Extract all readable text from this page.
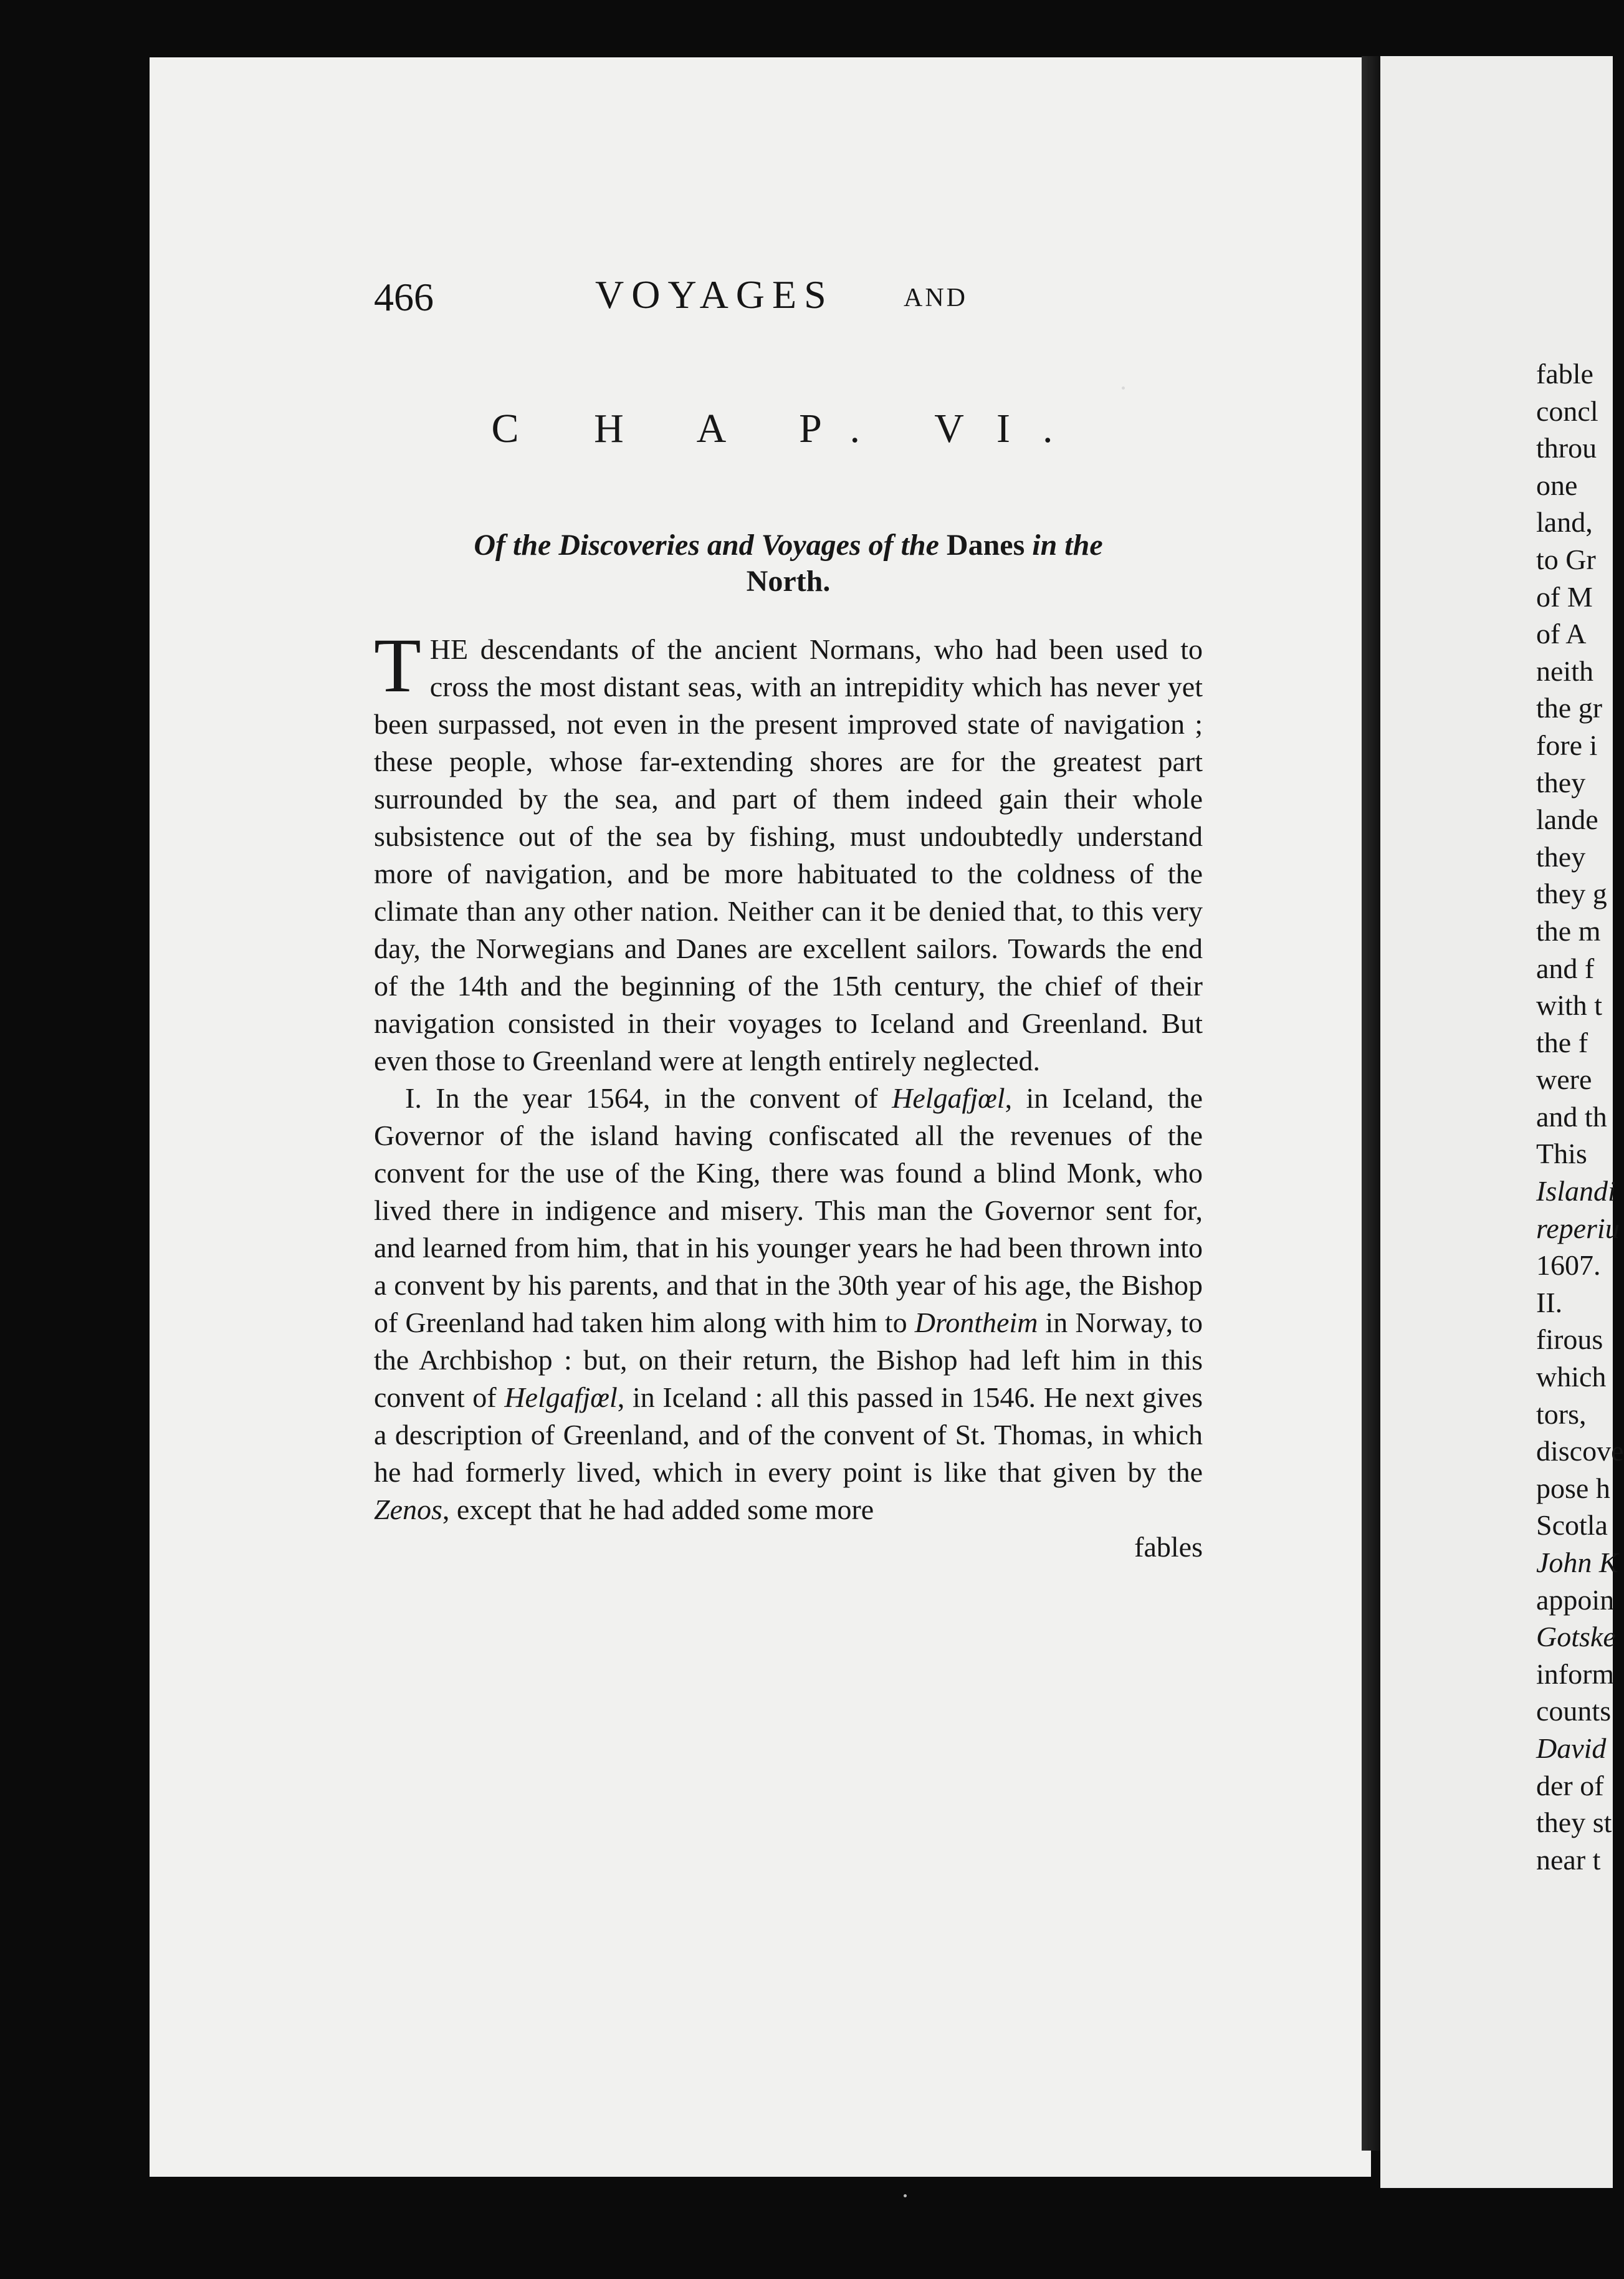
fable
concl
throu
one
land,
to Gr
of M
of A
neith
the gr
fore i
they
lande
they
they g
the m
and f
with t
the f
were
and th
This
Islandi
reperiu
1607.
II.
firous
which
tors,
discove
pose h
Scotla
John K
appoin
Gotske
inform
counts
David
der of
they st
near t
466	VOYAGES	AND
C H A P. VI.
Of the Discoveries and Voyages of the Danes in the
North.

THE descendants of the ancient Normans, who had been used to cross the most distant seas, with an intrepidity which has never yet been surpassed, not even in the present improved state of navigation ; these people, whose far-extending shores are for the greatest part surrounded by the sea, and part of them indeed gain their whole subsistence out of the sea by fishing, must undoubtedly understand more of navigation, and be more habituated to the coldness of the climate than any other nation. Neither can it be denied that, to this very day, the Norwegians and Danes are excellent sailors. Towards the end of the 14th and the beginning of the 15th century, the chief of their navigation consisted in their voyages to Iceland and Greenland. But even those to Greenland were at length entirely neglected.

I. In the year 1564, in the convent of Helgafjœl, in Iceland, the Governor of the island having confiscated all the revenues of the convent for the use of the King, there was found a blind Monk, who lived there in indigence and misery. This man the Governor sent for, and learned from him, that in his younger years he had been thrown into a convent by his parents, and that in the 30th year of his age, the Bishop of Greenland had taken him along with him to Drontheim in Norway, to the Archbishop : but, on their return, the Bishop had left him in this convent of Helgafjœl, in Iceland : all this passed in 1546. He next gives a description of Greenland, and of the convent of St. Thomas, in which he had formerly lived, which in every point is like that given by the Zenos, except that he had added some more

fables
